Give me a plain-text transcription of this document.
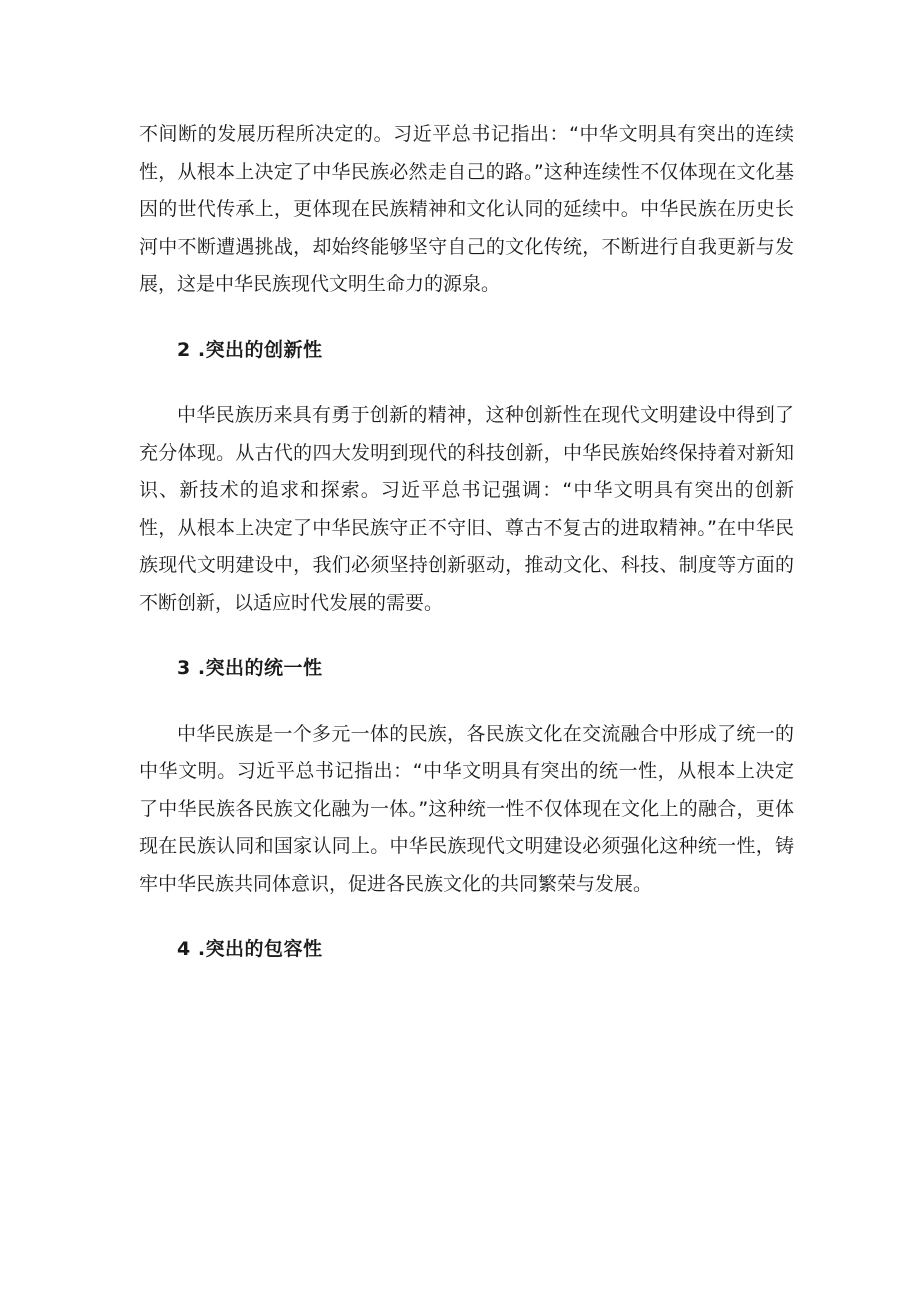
不间断的发展历程所决定的。习近平总书记指出：“中华文明具有突出的连续性，从根本上决定了中华民族必然走自己的路。”这种连续性不仅体现在文化基因的世代传承上，更体现在民族精神和文化认同的延续中。中华民族在历史长河中不断遭遇挑战，却始终能够坚守自己的文化传统，不断进行自我更新与发展，这是中华民族现代文明生命力的源泉。

2 .突出的创新性

中华民族历来具有勇于创新的精神，这种创新性在现代文明建设中得到了充分体现。从古代的四大发明到现代的科技创新，中华民族始终保持着对新知识、新技术的追求和探索。习近平总书记强调：“中华文明具有突出的创新性，从根本上决定了中华民族守正不守旧、尊古不复古的进取精神。”在中华民族现代文明建设中，我们必须坚持创新驱动，推动文化、科技、制度等方面的不断创新，以适应时代发展的需要。

3 .突出的统一性

中华民族是一个多元一体的民族，各民族文化在交流融合中形成了统一的中华文明。习近平总书记指出：“中华文明具有突出的统一性，从根本上决定了中华民族各民族文化融为一体。”这种统一性不仅体现在文化上的融合，更体现在民族认同和国家认同上。中华民族现代文明建设必须强化这种统一性，铸牢中华民族共同体意识，促进各民族文化的共同繁荣与发展。

4 .突出的包容性
